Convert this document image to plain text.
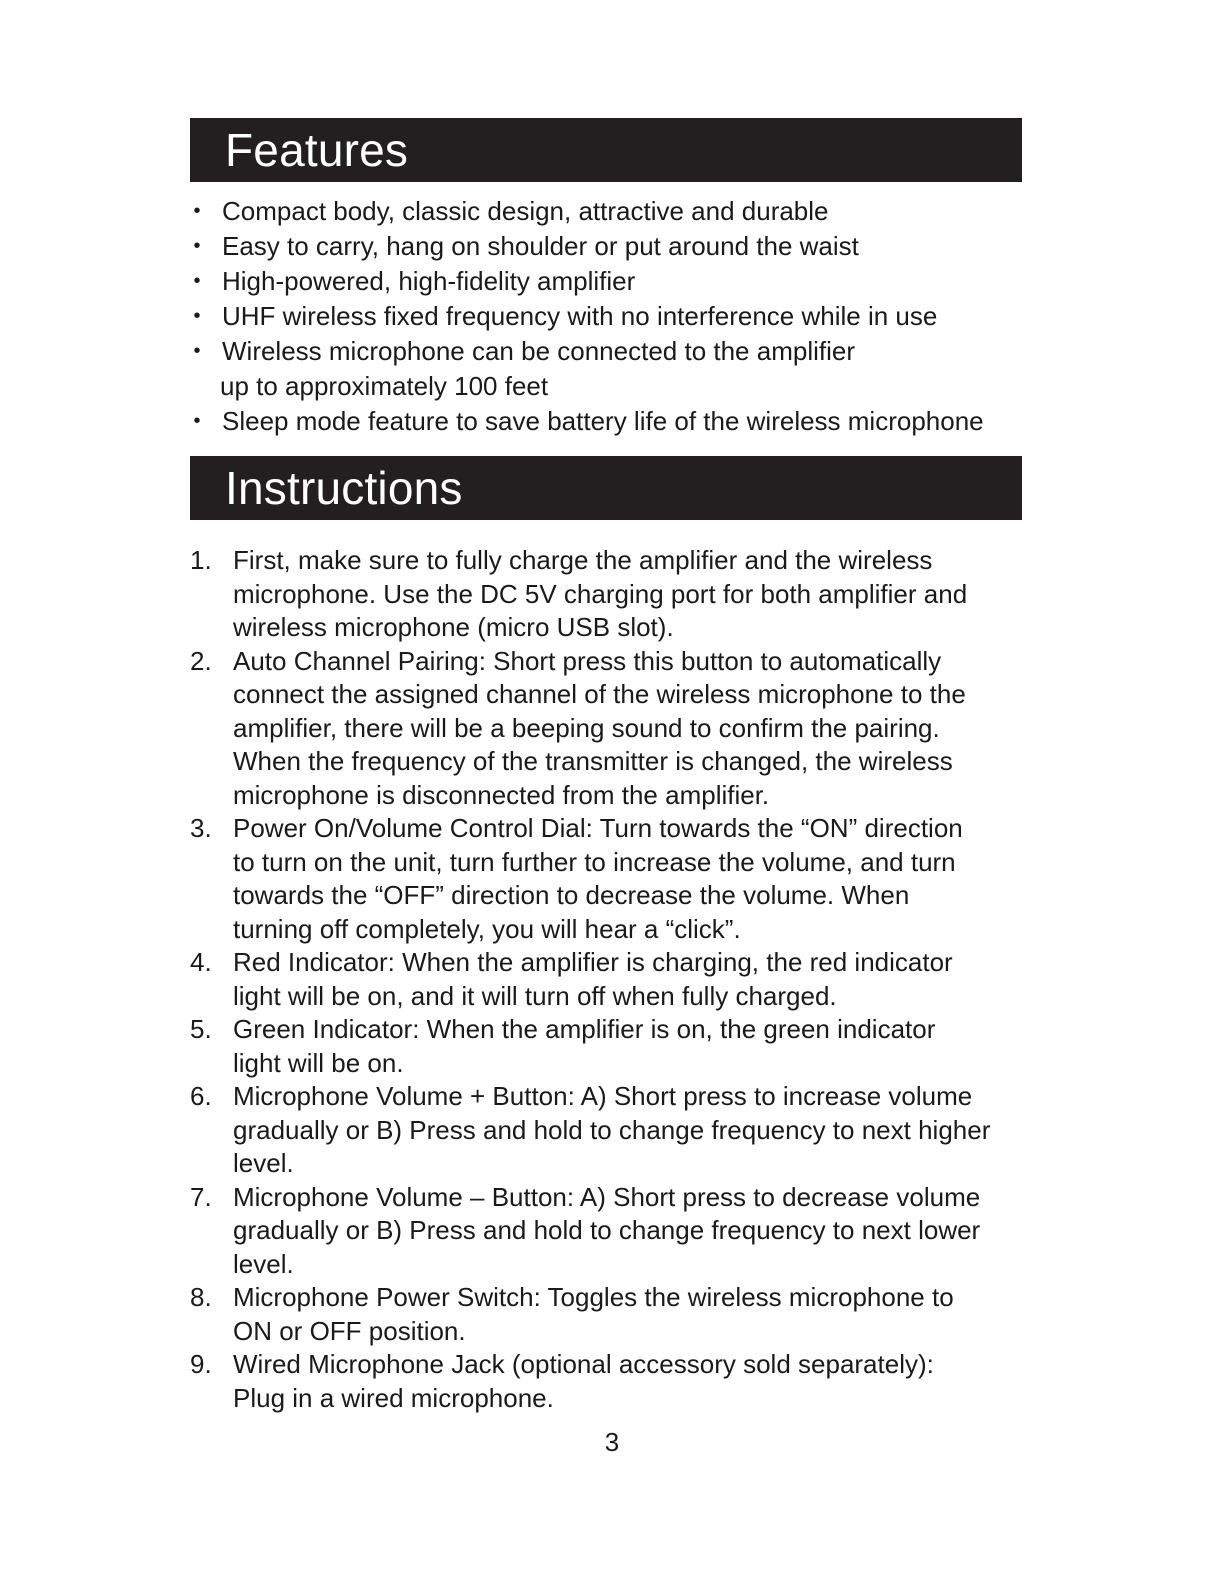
Features
• Compact body, classic design, attractive and durable
• Easy to carry, hang on shoulder or put around the waist
• High-powered, high-fidelity amplifier
• UHF wireless fixed frequency with no interference while in use
• Wireless microphone can be connected to the amplifier
up to approximately 100 feet
• Sleep mode feature to save battery life of the wireless microphone
Instructions
1. First, make sure to fully charge the amplifier and the wireless
microphone. Use the DC 5V charging port for both amplifier and
wireless microphone (micro USB slot).
2. Auto Channel Pairing: Short press this button to automatically
connect the assigned channel of the wireless microphone to the
amplifier, there will be a beeping sound to confirm the pairing.
When the frequency of the transmitter is changed, the wireless
microphone is disconnected from the amplifier.
3. Power On/Volume Control Dial: Turn towards the “ON” direction
to turn on the unit, turn further to increase the volume, and turn
towards the “OFF” direction to decrease the volume. When
turning off completely, you will hear a “click”.
4. Red Indicator: When the amplifier is charging, the red indicator
light will be on, and it will turn off when fully charged.
5. Green Indicator: When the amplifier is on, the green indicator
light will be on.
6. Microphone Volume + Button: A) Short press to increase volume
gradually or B) Press and hold to change frequency to next higher
level.
7. Microphone Volume – Button: A) Short press to decrease volume
gradually or B) Press and hold to change frequency to next lower
level.
8. Microphone Power Switch: Toggles the wireless microphone to
ON or OFF position.
9. Wired Microphone Jack (optional accessory sold separately):
Plug in a wired microphone.
3
